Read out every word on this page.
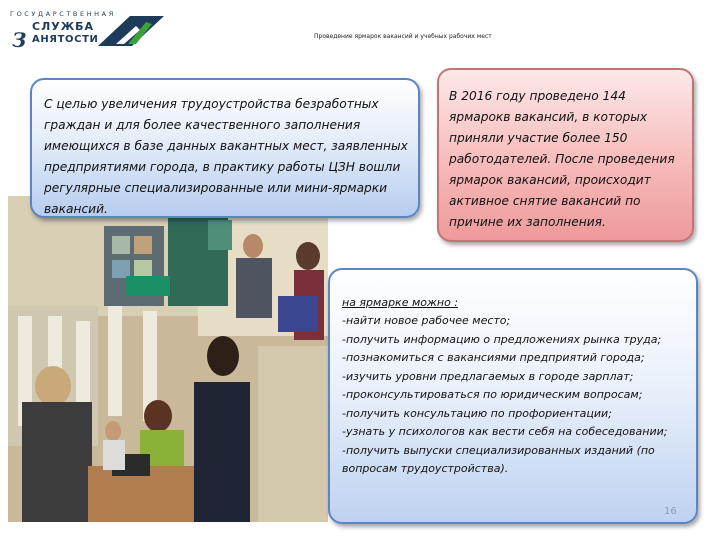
ГОСУДАРСТВЕННАЯ
СЛУЖБА
З АНЯТОСТИ	Проведение ярмарок вакансий и учебных рабочих мест
С целью увеличения трудоустройства безработных граждан и для более качественного заполнения имеющихся в базе данных вакантных мест, заявленных предприятиями города, в практику работы ЦЗН вошли регулярные специализированные или мини-ярмарки вакансий.
В 2016 году проведено 144 ярмарокв вакансий, в которых приняли участие более 150 работодателей. После проведения ярмарок вакансий, происходит активное снятие вакансий по причине их заполнения.
на ярмарке можно :

-найти новое рабочее место;

-получить информацию о предложениях рынка труда;

-познакомиться с вакансиями предприятий города;

-изучить уровни предлагаемых в городе зарплат;

-проконсультироваться по юридическим вопросам;

-получить консультацию по профориентации;

-узнать у психологов как вести себя на собеседовании;

-получить выпуски специализированных изданий (по вопросам трудоустройства).

16
